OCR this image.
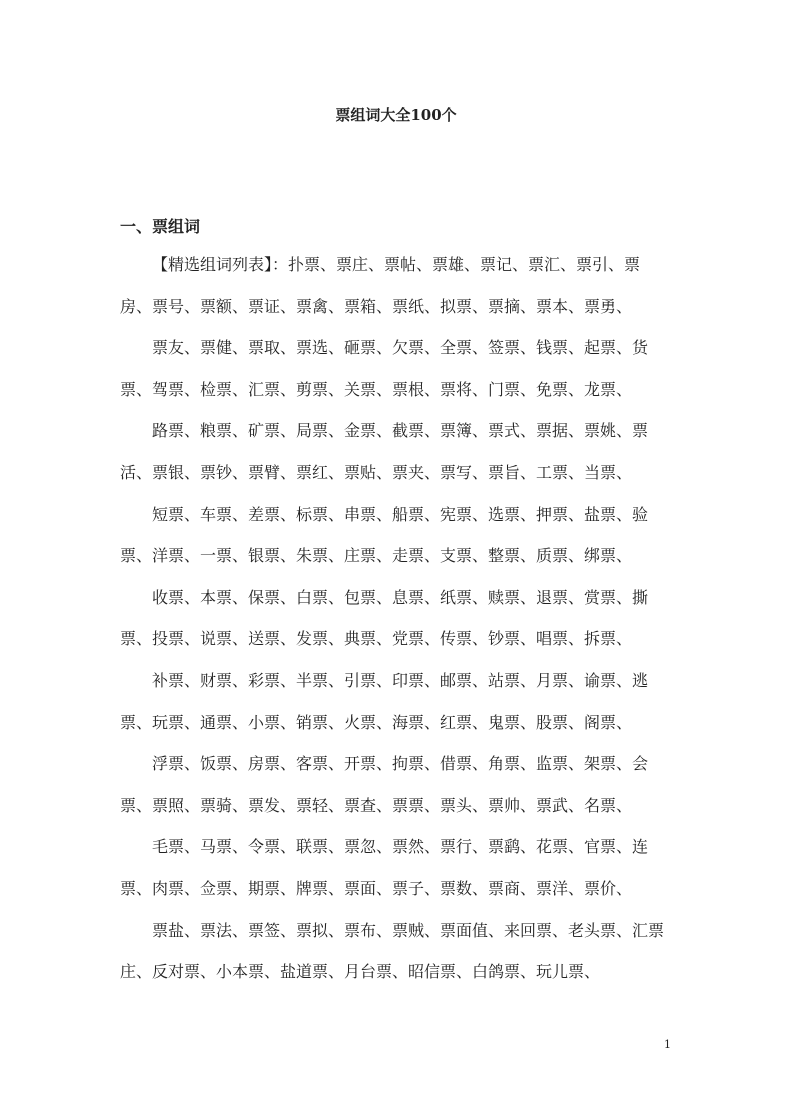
票组词大全100个
一、票组词
【精选组词列表】：扑票、票庄、票帖、票雄、票记、票汇、票引、票
房、票号、票额、票证、票禽、票箱、票纸、拟票、票摘、票本、票勇、
票友、票健、票取、票选、砸票、欠票、全票、签票、钱票、起票、货
票、驾票、检票、汇票、剪票、关票、票根、票将、门票、免票、龙票、
路票、粮票、矿票、局票、金票、截票、票簿、票式、票据、票姚、票
活、票银、票钞、票臂、票红、票贴、票夹、票写、票旨、工票、当票、
短票、车票、差票、标票、串票、船票、宪票、选票、押票、盐票、验
票、洋票、一票、银票、朱票、庄票、走票、支票、整票、质票、绑票、
收票、本票、保票、白票、包票、息票、纸票、赎票、退票、赏票、撕
票、投票、说票、送票、发票、典票、党票、传票、钞票、唱票、拆票、
补票、财票、彩票、半票、引票、印票、邮票、站票、月票、谕票、逃
票、玩票、通票、小票、销票、火票、海票、红票、鬼票、股票、阁票、
浮票、饭票、房票、客票、开票、拘票、借票、角票、监票、架票、会
票、票照、票骑、票发、票轻、票查、票票、票头、票帅、票武、名票、
毛票、马票、令票、联票、票忽、票然、票行、票鹞、花票、官票、连
票、肉票、佥票、期票、牌票、票面、票子、票数、票商、票洋、票价、
票盐、票法、票签、票拟、票布、票贼、票面值、来回票、老头票、汇票
庄、反对票、小本票、盐道票、月台票、昭信票、白鸽票、玩儿票、
1
